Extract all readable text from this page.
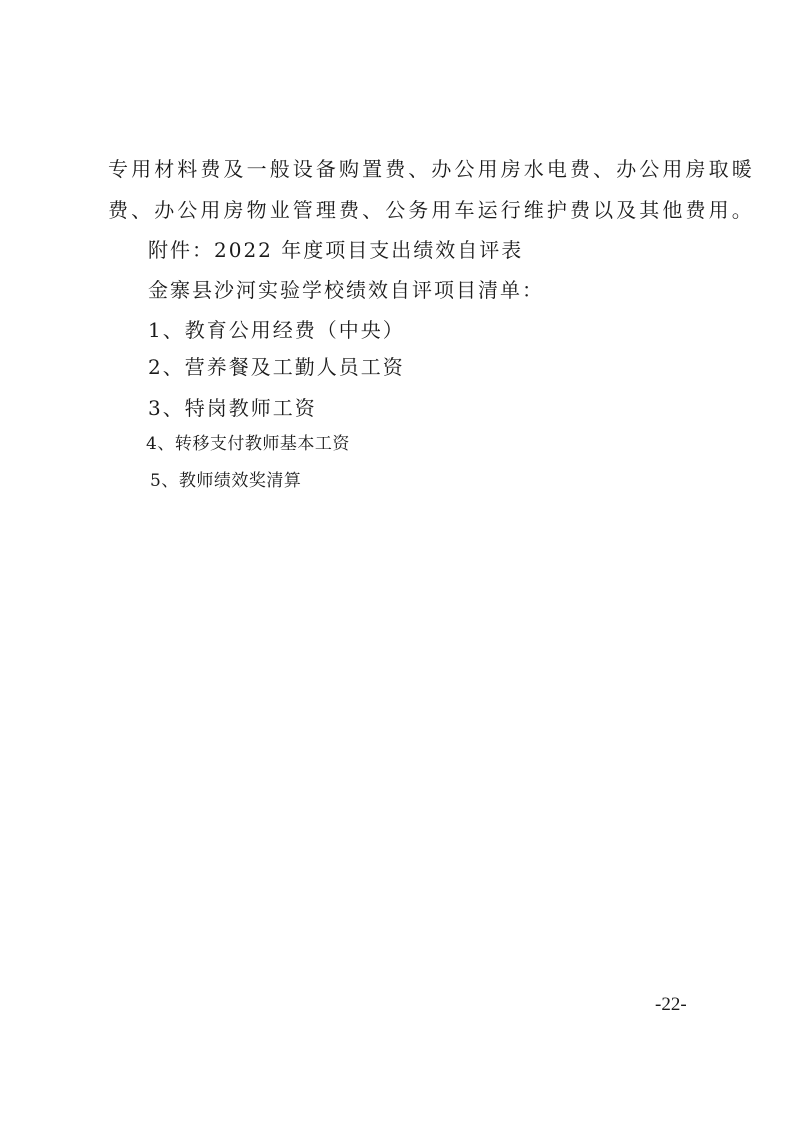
专用材料费及一般设备购置费、办公用房水电费、办公用房取暖
费、办公用房物业管理费、公务用车运行维护费以及其他费用。
附件：2022 年度项目支出绩效自评表
金寨县沙河实验学校绩效自评项目清单：
1、教育公用经费（中央）
2、营养餐及工勤人员工资
3、特岗教师工资
4、转移支付教师基本工资
5、教师绩效奖清算
-22-
